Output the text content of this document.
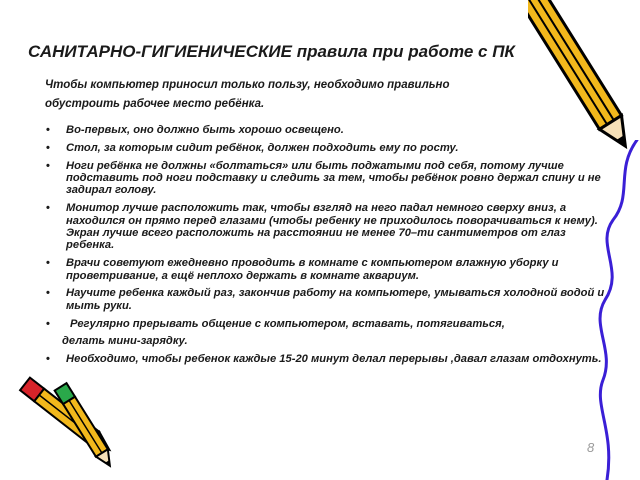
САНИТАРНО-ГИГИЕНИЧЕСКИЕ правила при работе с ПК
Чтобы компьютер приносил только пользу, необходимо правильно
обустроить рабочее место ребёнка.
• Во-первых, оно должно быть хорошо освещено.
• Стол, за которым сидит ребёнок, должен подходить ему по росту.
• Ноги ребёнка не должны «болтаться» или быть поджатыми под себя, потому лучше подставить под ноги подставку и следить за тем, чтобы ребёнок ровно держал спину и не задирал голову.
• Монитор лучше расположить так, чтобы взгляд на него падал немного сверху вниз, а находился он прямо перед глазами (чтобы ребенку не приходилось поворачиваться к нему). Экран лучше всего расположить на расстоянии не менее 70–ти сантиметров от глаз ребенка.
• Врачи советуют ежедневно проводить в комнате с компьютером влажную уборку и проветривание, а ещё неплохо держать в комнате аквариум.
• Научите ребенка каждый раз, закончив работу на компьютере, умываться холодной водой и мыть руки.
• Регулярно прерывать общение с компьютером, вставать, потягиваться,
делать мини-зарядку.
• Необходимо, чтобы ребенок каждые 15-20 минут делал перерывы ,давал глазам отдохнуть.
8
